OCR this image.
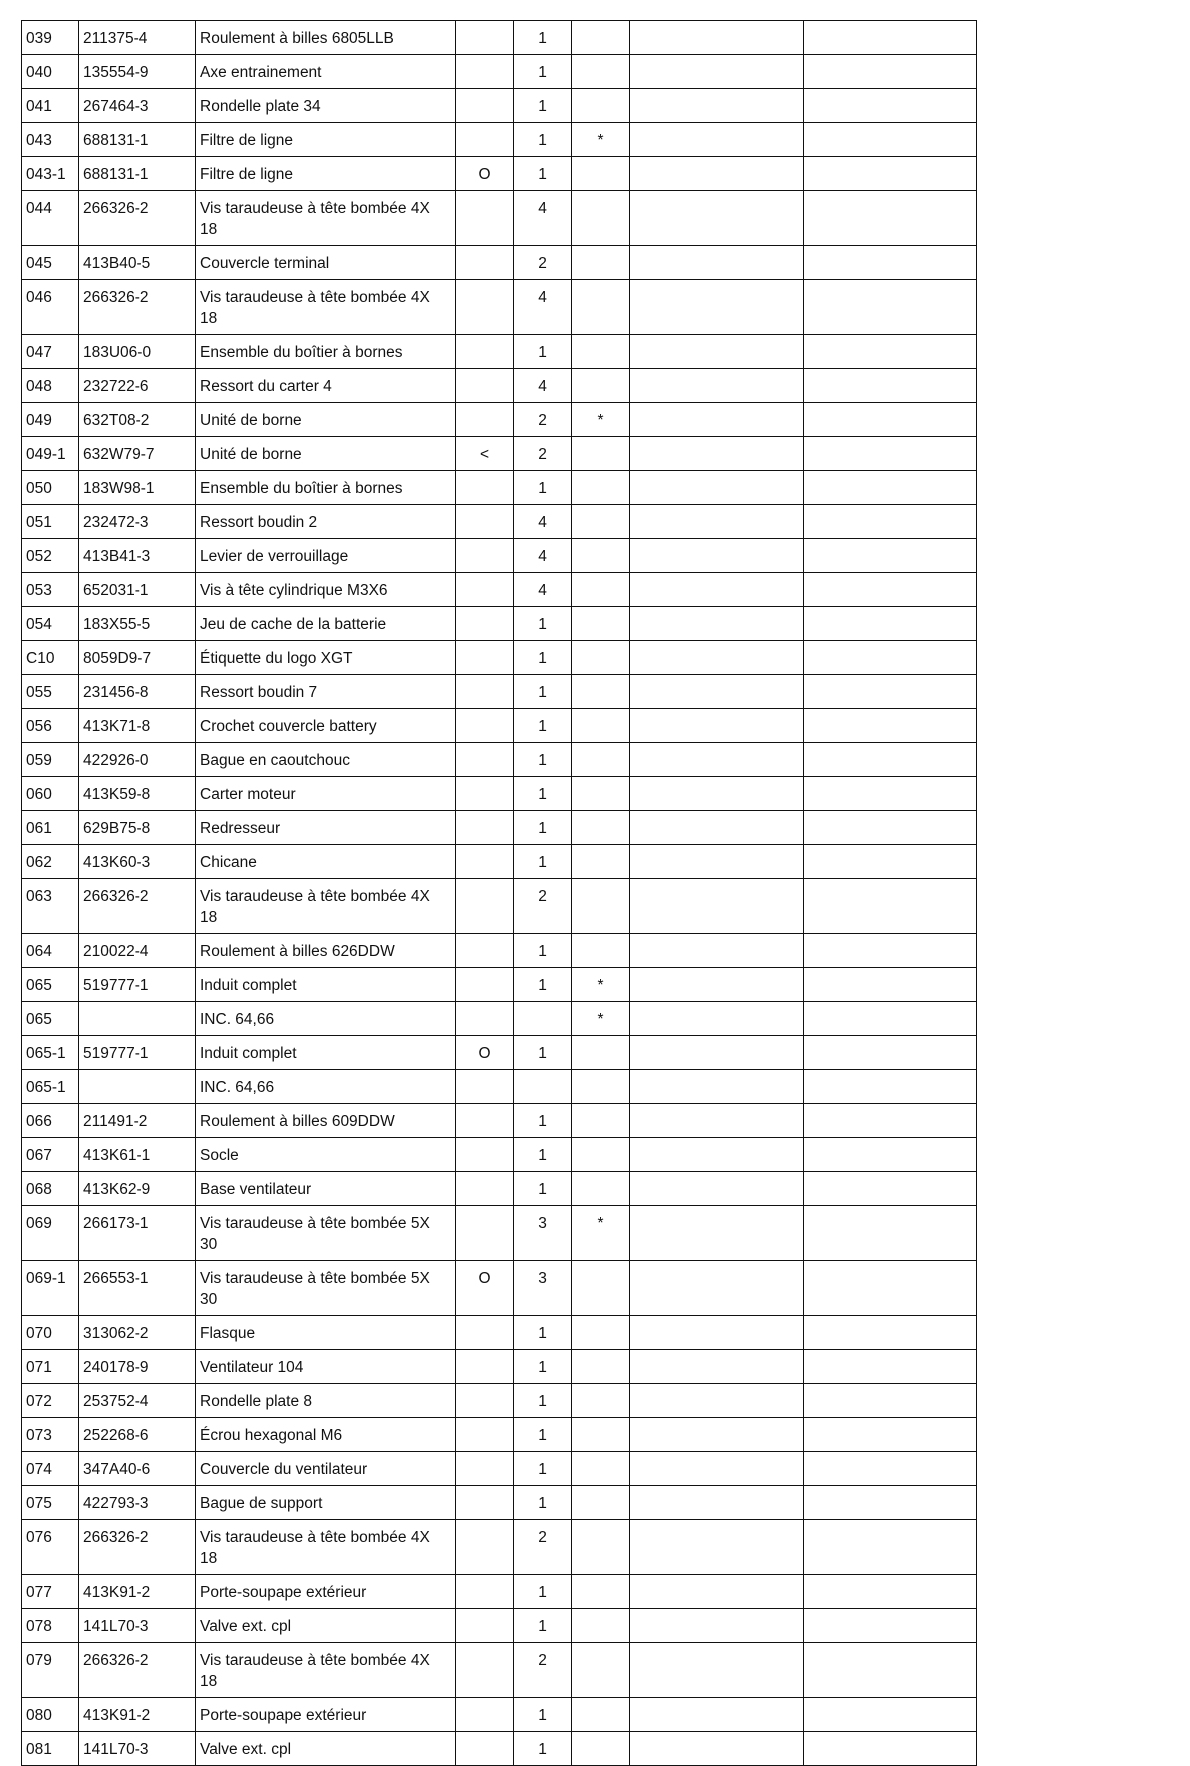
039	211375-4	Roulement à billes 6805LLB		1			
040	135554-9	Axe entrainement		1			
041	267464-3	Rondelle plate 34		1			
043	688131-1	Filtre de ligne		1	*		
043-1	688131-1	Filtre de ligne	O	1			
044	266326-2	Vis taraudeuse à tête bombée 4X 18		4			
045	413B40-5	Couvercle terminal		2			
046	266326-2	Vis taraudeuse à tête bombée 4X 18		4			
047	183U06-0	Ensemble du boîtier à bornes		1			
048	232722-6	Ressort du carter 4		4			
049	632T08-2	Unité de borne		2	*		
049-1	632W79-7	Unité de borne	<	2			
050	183W98-1	Ensemble du boîtier à bornes		1			
051	232472-3	Ressort boudin 2		4			
052	413B41-3	Levier de verrouillage		4			
053	652031-1	Vis à tête cylindrique M3X6		4			
054	183X55-5	Jeu de cache de la batterie		1			
C10	8059D9-7	Étiquette du logo XGT		1			
055	231456-8	Ressort boudin 7		1			
056	413K71-8	Crochet couvercle battery		1			
059	422926-0	Bague en caoutchouc		1			
060	413K59-8	Carter moteur		1			
061	629B75-8	Redresseur		1			
062	413K60-3	Chicane		1			
063	266326-2	Vis taraudeuse à tête bombée 4X 18		2			
064	210022-4	Roulement à billes 626DDW		1			
065	519777-1	Induit complet		1	*		
065		INC. 64,66			*		
065-1	519777-1	Induit complet	O	1			
065-1		INC. 64,66					
066	211491-2	Roulement à billes 609DDW		1			
067	413K61-1	Socle		1			
068	413K62-9	Base ventilateur		1			
069	266173-1	Vis taraudeuse à tête bombée 5X 30		3	*		
069-1	266553-1	Vis taraudeuse à tête bombée 5X 30	O	3			
070	313062-2	Flasque		1			
071	240178-9	Ventilateur 104		1			
072	253752-4	Rondelle plate 8		1			
073	252268-6	Écrou hexagonal M6		1			
074	347A40-6	Couvercle du ventilateur		1			
075	422793-3	Bague de support		1			
076	266326-2	Vis taraudeuse à tête bombée 4X 18		2			
077	413K91-2	Porte-soupape extérieur		1			
078	141L70-3	Valve ext. cpl		1			
079	266326-2	Vis taraudeuse à tête bombée 4X 18		2			
080	413K91-2	Porte-soupape extérieur		1			
081	141L70-3	Valve ext. cpl		1			
